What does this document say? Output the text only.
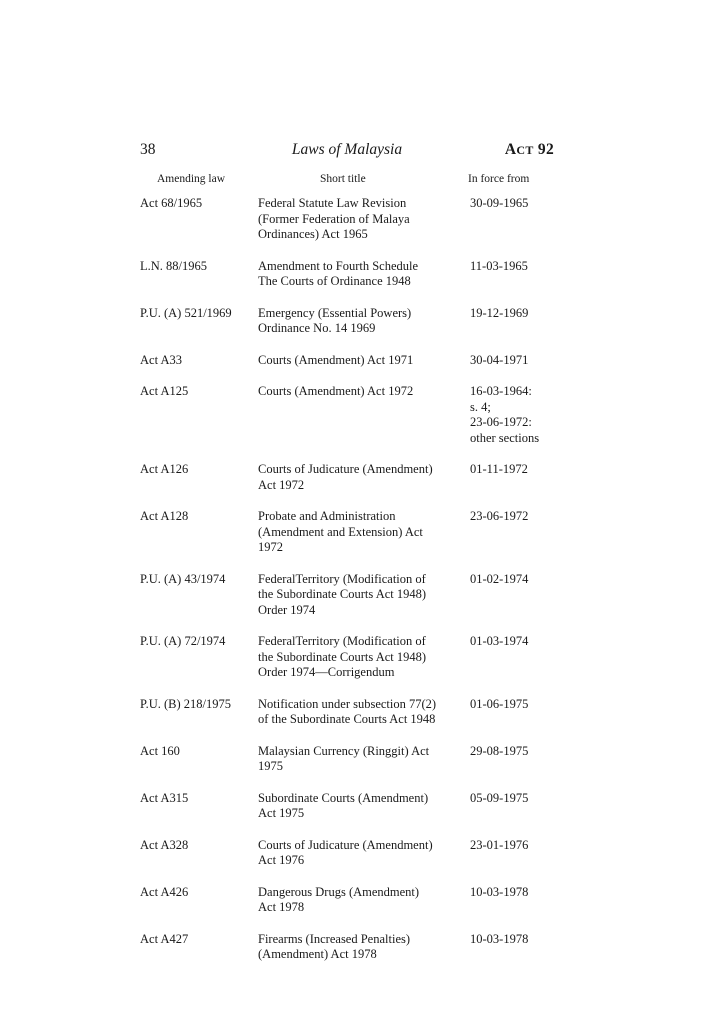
38	Laws of Malaysia	ACT 92
Amending law	Short title	In force from
Act 68/1965	Federal Statute Law Revision
(Former Federation of Malaya
Ordinances) Act 1965
30-09-1965
L.N. 88/1965	Amendment to Fourth Schedule
The Courts of Ordinance 1948
11-03-1965
P.U. (A) 521/1969	Emergency (Essential Powers)
Ordinance No. 14 1969
19-12-1969
Act A33	Courts (Amendment) Act 1971	30-04-1971
Act A125	Courts (Amendment) Act 1972	16-03-1964:
s. 4;
23-06-1972:
other sections
Act A126	Courts of Judicature (Amendment)
Act 1972
01-11-1972
Act A128	Probate and Administration
(Amendment and Extension) Act
1972
23-06-1972
P.U. (A) 43/1974	FederalTerritory (Modification of
the Subordinate Courts Act 1948)
Order 1974
01-02-1974
P.U. (A) 72/1974	FederalTerritory (Modification of
the Subordinate Courts Act 1948)
Order 1974—Corrigendum
01-03-1974
P.U. (B) 218/1975	Notification under subsection 77(2)
of the Subordinate Courts Act 1948
01-06-1975
Act 160	Malaysian Currency (Ringgit) Act
1975
29-08-1975
Act A315	Subordinate Courts (Amendment)
Act 1975
05-09-1975
Act A328	Courts of Judicature (Amendment)
Act 1976
23-01-1976
Act A426	Dangerous Drugs (Amendment)
Act 1978
10-03-1978
Act A427	Firearms (Increased Penalties)
(Amendment) Act 1978
10-03-1978
